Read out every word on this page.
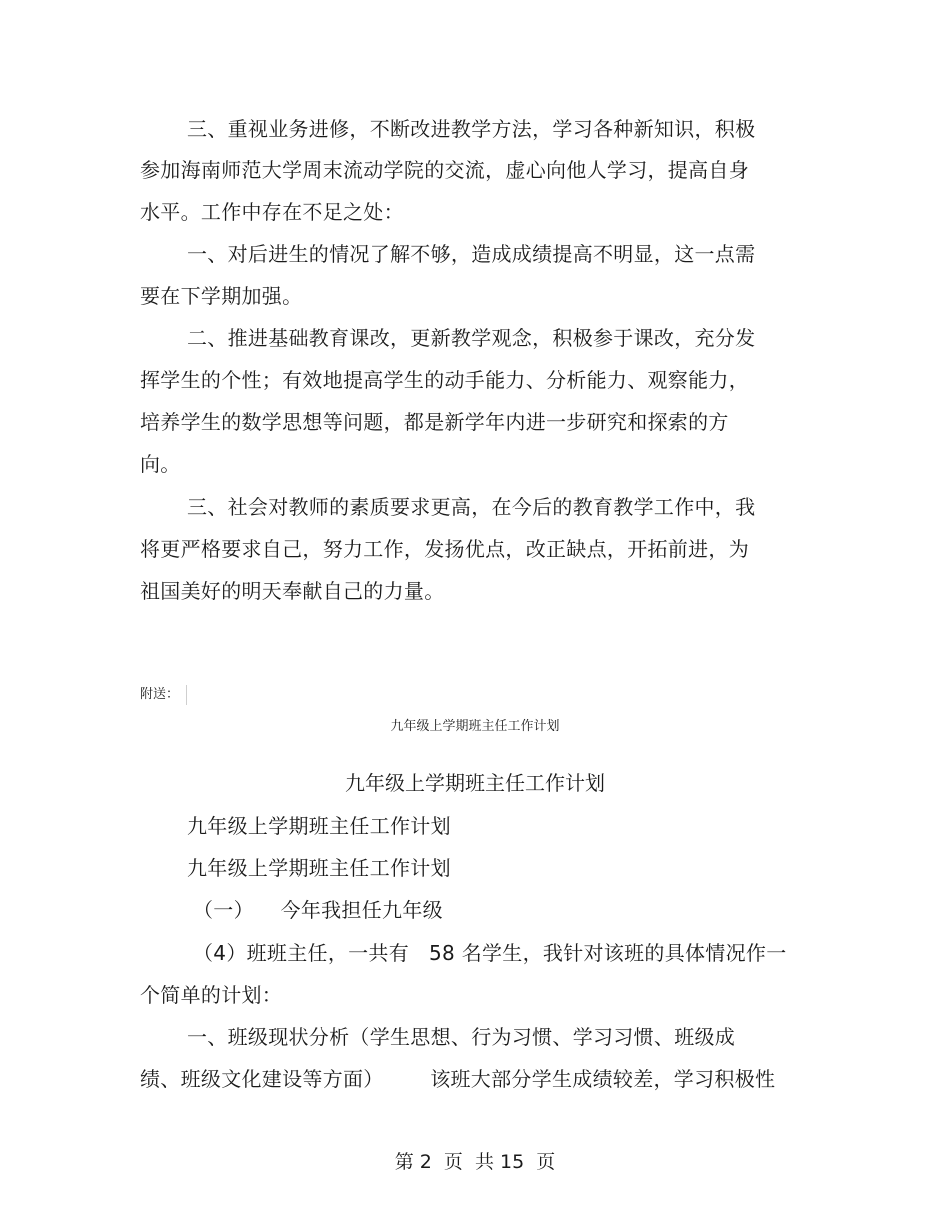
三、重视业务进修，不断改进教学方法，学习各种新知识，积极
参加海南师范大学周末流动学院的交流，虚心向他人学习，提高自身
水平。工作中存在不足之处：
一、对后进生的情况了解不够，造成成绩提高不明显，这一点需
要在下学期加强。
二、推进基础教育课改，更新教学观念，积极参于课改，充分发
挥学生的个性；有效地提高学生的动手能力、分析能力、观察能力，
培养学生的数学思想等问题，都是新学年内进一步研究和探索的方
向。
三、社会对教师的素质要求更高，在今后的教育教学工作中，我
将更严格要求自己，努力工作，发扬优点，改正缺点，开拓前进，为
祖国美好的明天奉献自己的力量。
附送：
九年级上学期班主任工作计划
九年级上学期班主任工作计划
九年级上学期班主任工作计划
九年级上学期班主任工作计划
（一）    今年我担任九年级
（4）班班主任，一共有   58 名学生，我针对该班的具体情况作一
个简单的计划：
一、班级现状分析（学生思想、行为习惯、学习习惯、班级成
绩、班级文化建设等方面）       该班大部分学生成绩较差，学习积极性
第 2  页  共 15  页
